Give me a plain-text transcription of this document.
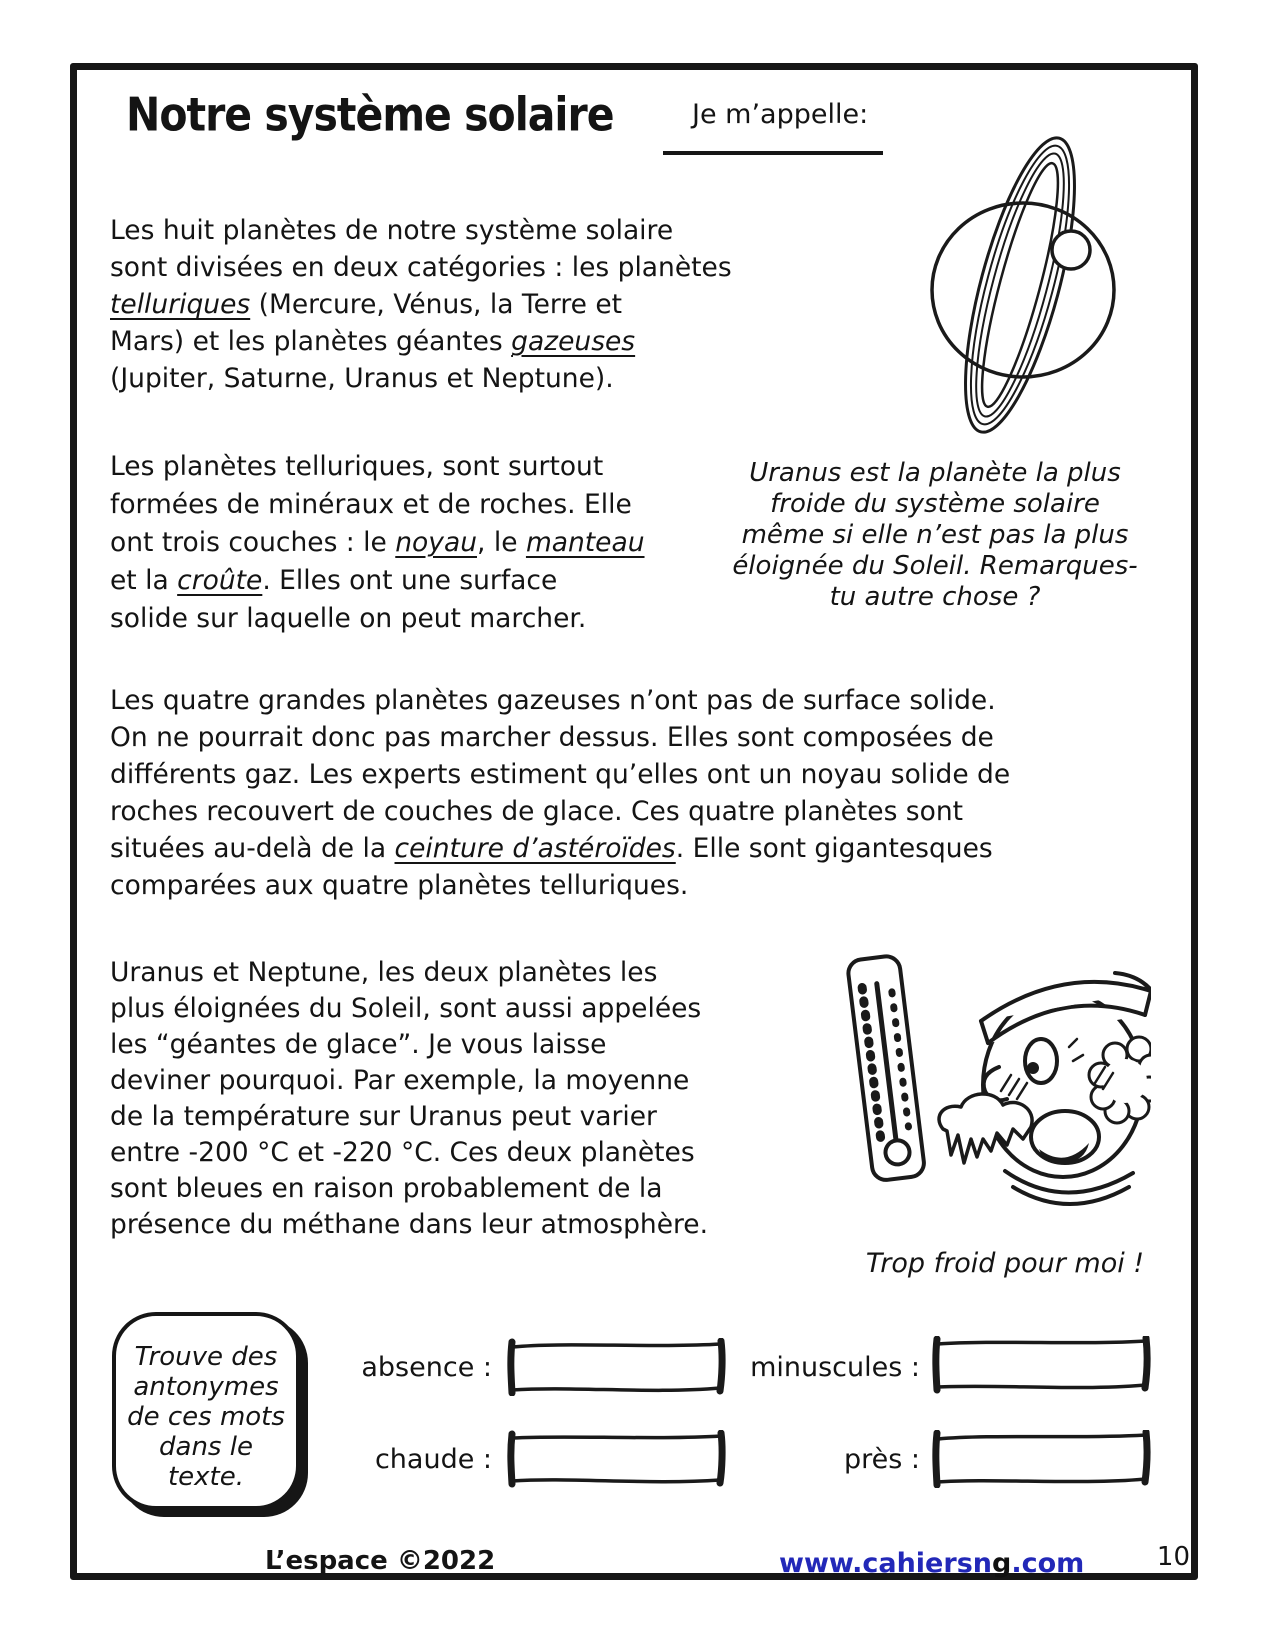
Notre système solaire	Je m’appelle:
Les huit planètes de notre système solaire
sont divisées en deux catégories : les planètes
telluriques (Mercure, Vénus, la Terre et
Mars) et les planètes géantes gazeuses
(Jupiter, Saturne, Uranus et Neptune).
Les planètes telluriques, sont surtout
formées de minéraux et de roches. Elle
ont trois couches : le noyau, le manteau
et la croûte. Elles ont une surface
solide sur laquelle on peut marcher.
Uranus est la planète la plus
froide du système solaire
même si elle n’est pas la plus
éloignée du Soleil. Remarques-
tu autre chose ?
Les quatre grandes planètes gazeuses n’ont pas de surface solide.
On ne pourrait donc pas marcher dessus. Elles sont composées de
différents gaz. Les experts estiment qu’elles ont un noyau solide de
roches recouvert de couches de glace. Ces quatre planètes sont
situées au-delà de la ceinture d’astéroïdes. Elle sont gigantesques
comparées aux quatre planètes telluriques.
Uranus et Neptune, les deux planètes les
plus éloignées du Soleil, sont aussi appelées
les “géantes de glace”. Je vous laisse
deviner pourquoi. Par exemple, la moyenne
de la température sur Uranus peut varier
entre -200 °C et -220 °C. Ces deux planètes
sont bleues en raison probablement de la
présence du méthane dans leur atmosphère.
Trop froid pour moi !
Trouve des
antonymes
de ces mots
dans le
texte.
absence :	minuscules :
chaude :	près :
L’espace ©2022	www.cahiersng.com	10
